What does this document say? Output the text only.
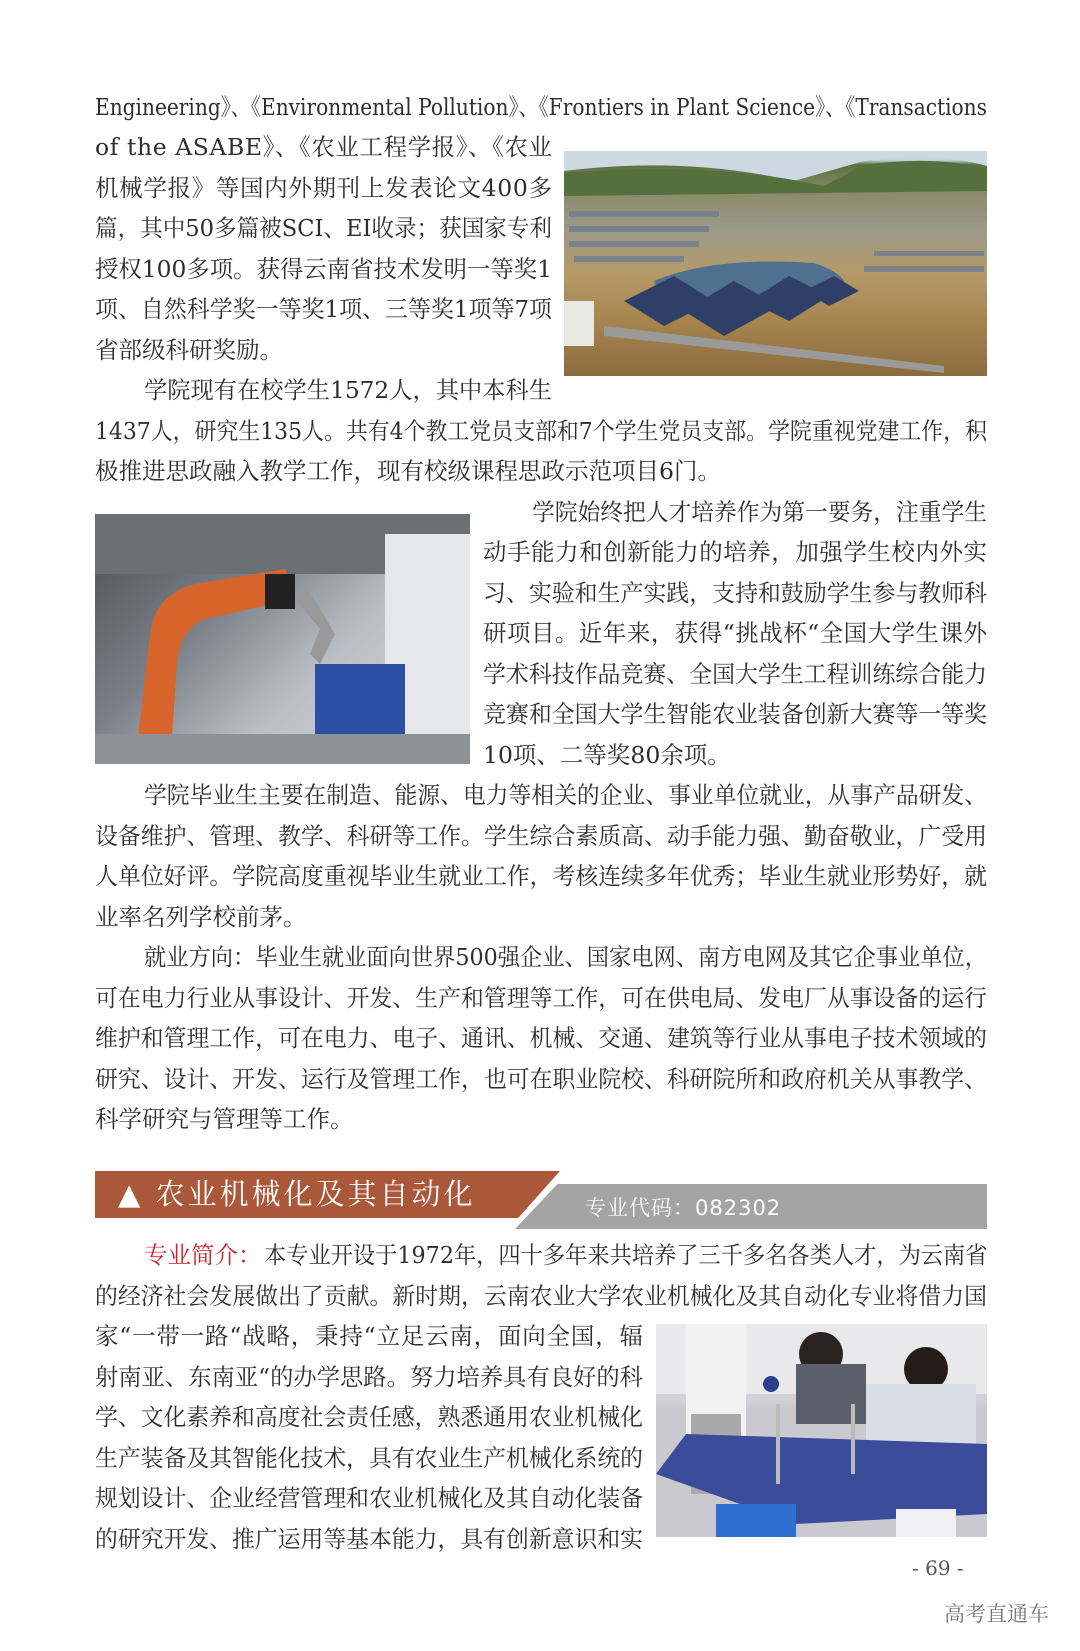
Engineering》、《Environmental Pollution》、《Frontiers in Plant Science》、《Transactions
of the ASABE》、《农业工程学报》、《农业
机械学报》等国内外期刊上发表论文400多
篇，其中50多篇被SCI、EI收录；获国家专利
授权100多项。获得云南省技术发明一等奖1
项、自然科学奖一等奖1项、三等奖1项等7项
省部级科研奖励。
学院现有在校学生1572人，其中本科生
1437人，研究生135人。共有4个教工党员支部和7个学生党员支部。学院重视党建工作，积
极推进思政融入教学工作，现有校级课程思政示范项目6门。
学院始终把人才培养作为第一要务，注重学生
动手能力和创新能力的培养，加强学生校内外实
习、实验和生产实践，支持和鼓励学生参与教师科
研项目。近年来，获得“挑战杯“全国大学生课外
学术科技作品竞赛、全国大学生工程训练综合能力
竞赛和全国大学生智能农业装备创新大赛等一等奖
10项、二等奖80余项。
学院毕业生主要在制造、能源、电力等相关的企业、事业单位就业，从事产品研发、
设备维护、管理、教学、科研等工作。学生综合素质高、动手能力强、勤奋敬业，广受用
人单位好评。学院高度重视毕业生就业工作，考核连续多年优秀；毕业生就业形势好，就
业率名列学校前茅。
就业方向：毕业生就业面向世界500强企业、国家电网、南方电网及其它企事业单位，
可在电力行业从事设计、开发、生产和管理等工作，可在供电局、发电厂从事设备的运行
维护和管理工作，可在电力、电子、通讯、机械、交通、建筑等行业从事电子技术领域的
研究、设计、开发、运行及管理工作，也可在职业院校、科研院所和政府机关从事教学、
科学研究与管理等工作。
专业简介： 本专业开设于1972年，四十多年来共培养了三千多名各类人才，为云南省
的经济社会发展做出了贡献。新时期，云南农业大学农业机械化及其自动化专业将借力国
家“一带一路“战略，秉持“立足云南，面向全国，辐
射南亚、东南亚“的办学思路。努力培养具有良好的科
学、文化素养和高度社会责任感，熟悉通用农业机械化
生产装备及其智能化技术，具有农业生产机械化系统的
规划设计、企业经营管理和农业机械化及其自动化装备
的研究开发、推广运用等基本能力，具有创新意识和实
▲ 农业机械化及其自动化	专业代码：082302
- 69 -
高考直通车
